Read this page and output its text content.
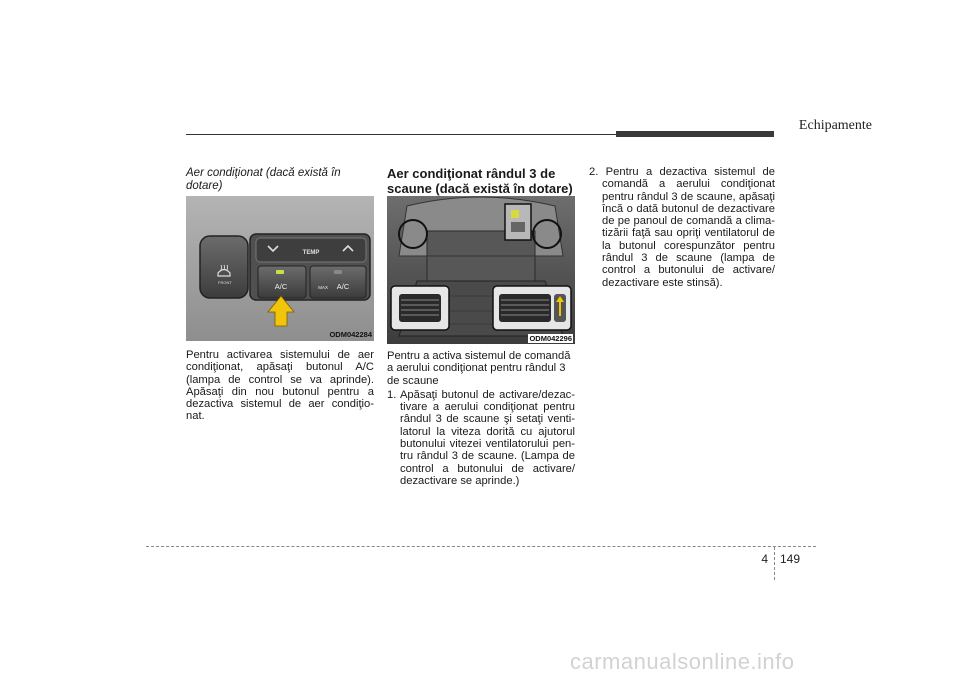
Echipamente
Aer condiţionat (dacă există în dotare)
TEMP
FRONT	A/C	MAX A/C
ODM042284

Pentru activarea sistemului de aer condiţionat, apăsaţi butonul A/C (lampa de control se va aprinde). Apăsaţi din nou butonul pentru a dezactiva sistemul de aer condiţio-nat.

Aer condiţionat rândul 3 de scaune (dacă există în dotare)
ODM042296

Pentru a activa sistemul de comandă a aerului condiţionat pentru rândul 3 de scaune

1. Apăsaţi butonul de activare/dezac-tivare a aerului condiţionat pentru rândul 3 de scaune şi setaţi venti-latorul la viteza dorită cu ajutorul butonului vitezei ventilatorului pen-tru rândul 3 de scaune. (Lampa de control a butonului de activare/ dezactivare se aprinde.)

2. Pentru a dezactiva sistemul de comandă a aerului condiţionat pentru rândul 3 de scaune, apăsaţi încă o dată butonul de dezactivare de pe panoul de comandă a clima-tizării faţă sau opriţi ventilatorul de la butonul corespunzător pentru rândul 3 de scaune (lampa de control a butonului de activare/ dezactivare este stinsă).

4 149
carmanualsonline.info
